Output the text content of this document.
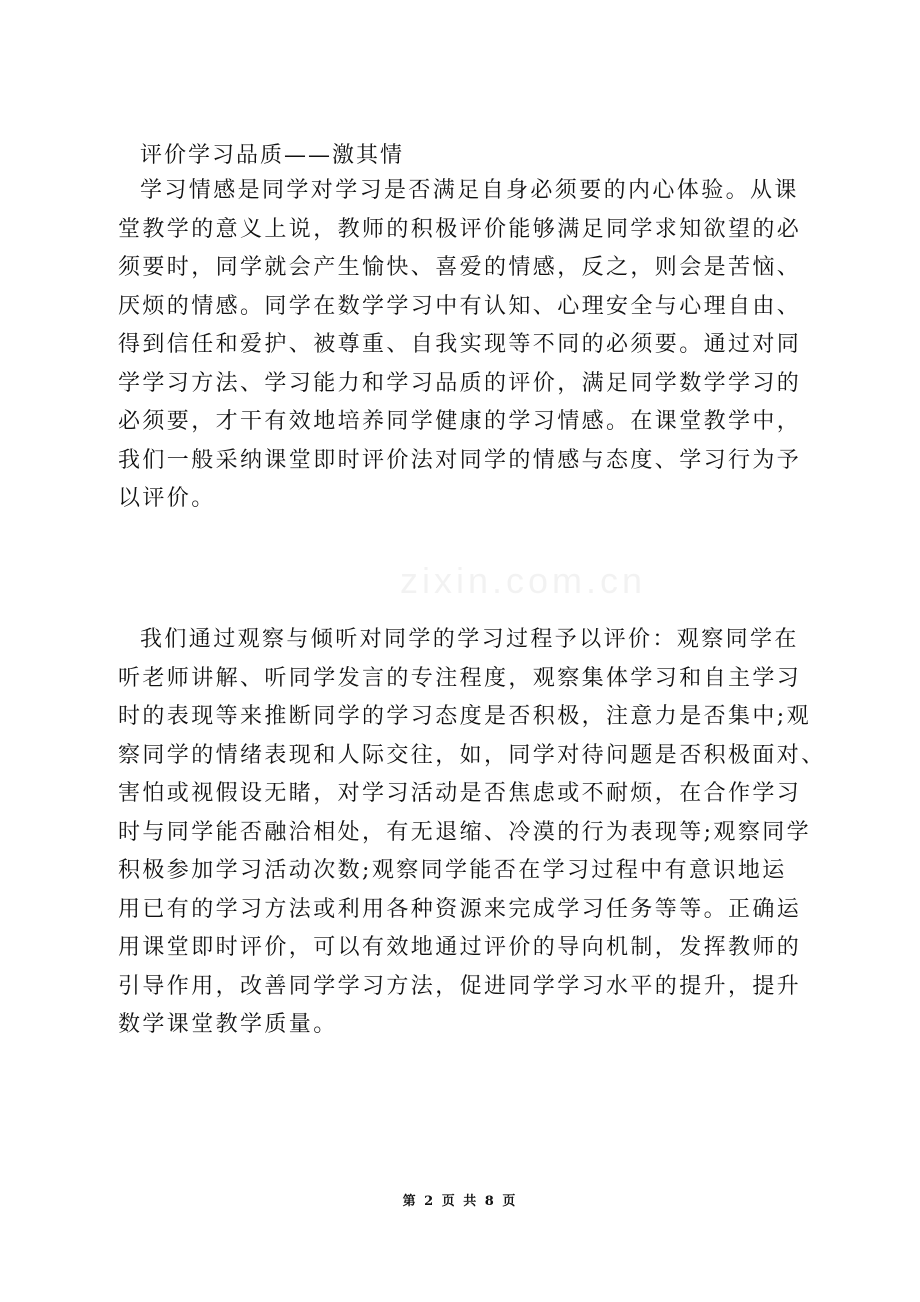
zixin.com.cn
评价学习品质——激其情
学习情感是同学对学习是否满足自身必须要的内心体验。从课
堂教学的意义上说，教师的积极评价能够满足同学求知欲望的必
须要时，同学就会产生愉快、喜爱的情感，反之，则会是苦恼、
厌烦的情感。同学在数学学习中有认知、心理安全与心理自由、
得到信任和爱护、被尊重、自我实现等不同的必须要。通过对同
学学习方法、学习能力和学习品质的评价，满足同学数学学习的
必须要，才干有效地培养同学健康的学习情感。在课堂教学中，
我们一般采纳课堂即时评价法对同学的情感与态度、学习行为予
以评价。
我们通过观察与倾听对同学的学习过程予以评价：观察同学在
听老师讲解、听同学发言的专注程度，观察集体学习和自主学习
时的表现等来推断同学的学习态度是否积极，注意力是否集中;观
察同学的情绪表现和人际交往，如，同学对待问题是否积极面对、
害怕或视假设无睹，对学习活动是否焦虑或不耐烦，在合作学习
时与同学能否融洽相处，有无退缩、冷漠的行为表现等;观察同学
积极参加学习活动次数;观察同学能否在学习过程中有意识地运
用已有的学习方法或利用各种资源来完成学习任务等等。正确运
用课堂即时评价，可以有效地通过评价的导向机制，发挥教师的
引导作用，改善同学学习方法，促进同学学习水平的提升，提升
数学课堂教学质量。
第 2 页 共 8 页
